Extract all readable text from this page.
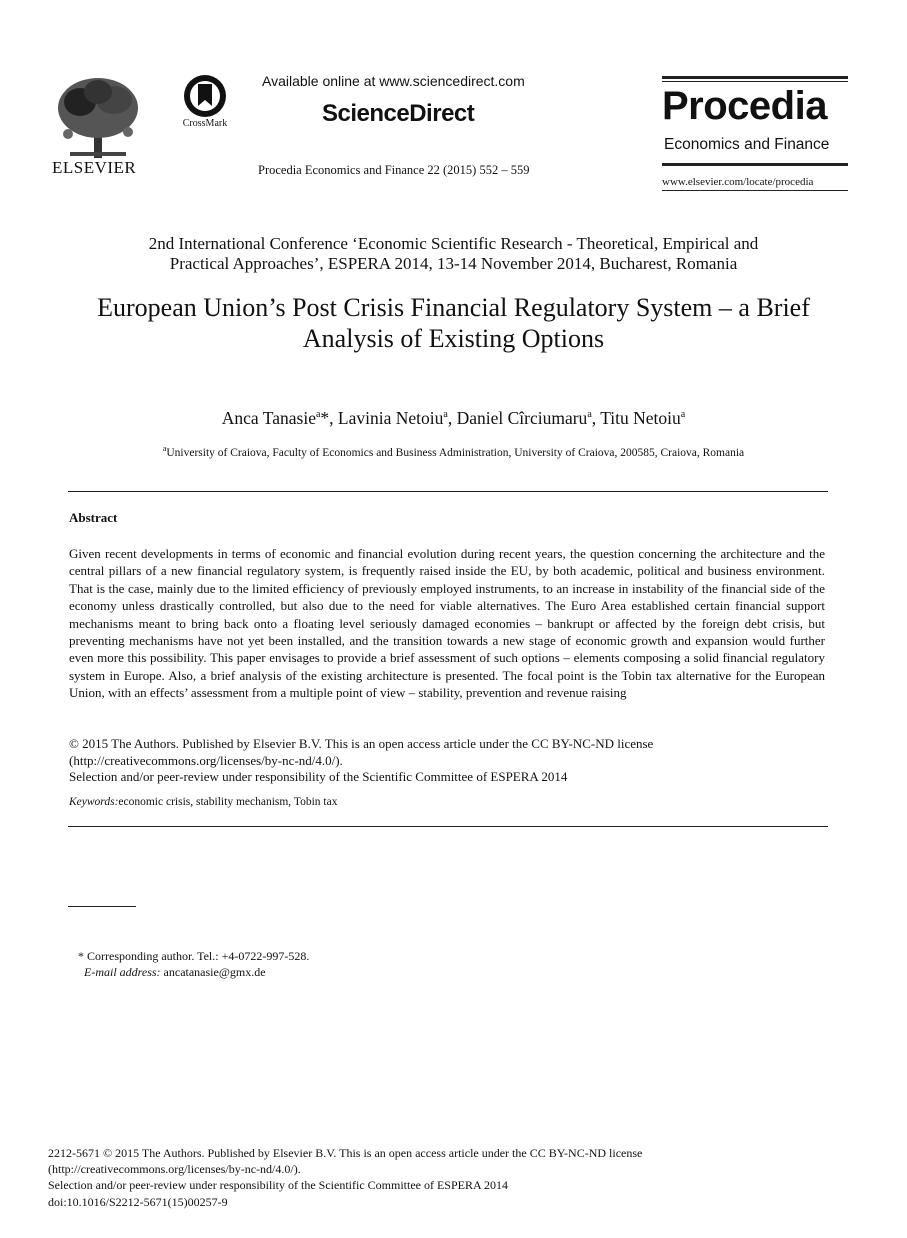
ELSEVIER
CrossMark
Available online at www.sciencedirect.com
ScienceDirect
Procedia Economics and Finance 22 (2015) 552 – 559
Procedia
Economics and Finance
www.elsevier.com/locate/procedia
2nd International Conference ‘Economic Scientific Research - Theoretical, Empirical and
Practical Approaches’, ESPERA 2014, 13-14 November 2014, Bucharest, Romania
European Union’s Post Crisis Financial Regulatory System – a Brief
Analysis of Existing Options
Anca Tanasie$^a$*, Lavinia Netoiu$^a$, Daniel Cîrciumaru$^a$, Titu Netoiu$^a$
$^a$University of Craiova, Faculty of Economics and Business Administration, University of Craiova, 200585, Craiova, Romania
Abstract
Given recent developments in terms of economic and financial evolution during recent years, the question concerning the architecture and the central pillars of a new financial regulatory system, is frequently raised inside the EU, by both academic, political and business environment. That is the case, mainly due to the limited efficiency of previously employed instruments, to an increase in instability of the financial side of the economy unless drastically controlled, but also due to the need for viable alternatives. The Euro Area established certain financial support mechanisms meant to bring back onto a floating level seriously damaged economies – bankrupt or affected by the foreign debt crisis, but preventing mechanisms have not yet been installed, and the transition towards a new stage of economic growth and expansion would further even more this possibility. This paper envisages to provide a brief assessment of such options – elements composing a solid financial regulatory system in Europe. Also, a brief analysis of the existing architecture is presented. The focal point is the Tobin tax alternative for the European Union, with an effects’ assessment from a multiple point of view – stability, prevention and revenue raising
© 2015 The Authors. Published by Elsevier B.V. This is an open access article under the CC BY-NC-ND license
(http://creativecommons.org/licenses/by-nc-nd/4.0/).
Selection and/or peer-review under responsibility of the Scientific Committee of ESPERA 2014
Keywords:economic crisis, stability mechanism, Tobin tax
* Corresponding author. Tel.: +4-0722-997-528.
E-mail address: ancatanasie@gmx.de
2212-5671 © 2015 The Authors. Published by Elsevier B.V. This is an open access article under the CC BY-NC-ND license
(http://creativecommons.org/licenses/by-nc-nd/4.0/).
Selection and/or peer-review under responsibility of the Scientific Committee of ESPERA 2014
doi:10.1016/S2212-5671(15)00257-9
